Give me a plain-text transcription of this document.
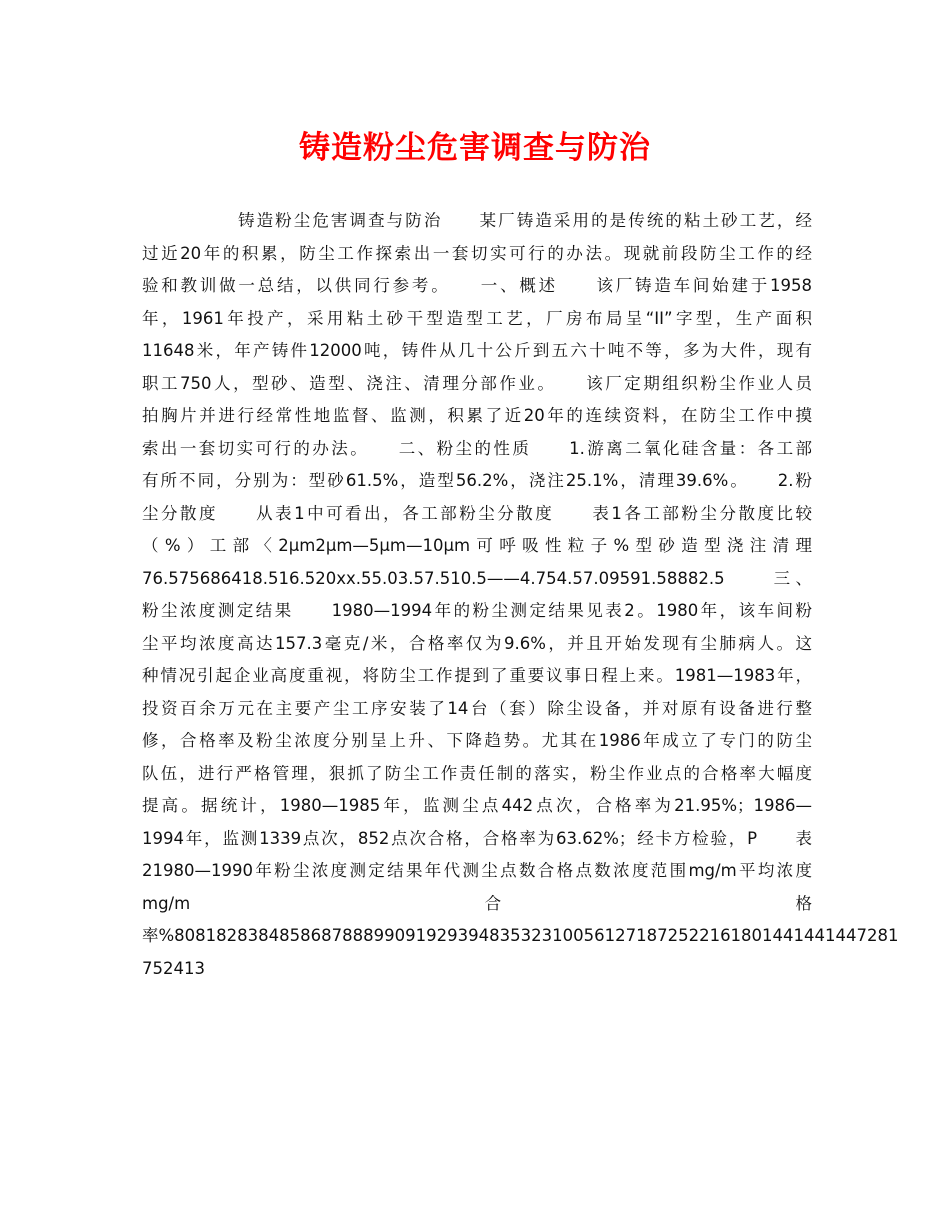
铸造粉尘危害调查与防治
铸造粉尘危害调查与防治　　某厂铸造采用的是传统的粘土砂工艺，经
过近20年的积累，防尘工作探索出一套切实可行的办法。现就前段防尘工作的经
验和教训做一总结，以供同行参考。　　一、概述　　该厂铸造车间始建于1958
年，1961年投产，采用粘土砂干型造型工艺，厂房布局呈“II”字型，生产面积
11648米，年产铸件12000吨，铸件从几十公斤到五六十吨不等，多为大件，现有
职工750人，型砂、造型、浇注、清理分部作业。　　该厂定期组织粉尘作业人员
拍胸片并进行经常性地监督、监测，积累了近20年的连续资料，在防尘工作中摸
索出一套切实可行的办法。　　二、粉尘的性质　　1.游离二氧化硅含量：各工部
有所不同，分别为：型砂61.5%，造型56.2%，浇注25.1%，清理39.6%。　　2.粉
尘分散度　　从表1中可看出，各工部粉尘分散度　　表1各工部粉尘分散度比较
（%）工部〈2μm2μm—5μm—10μm可呼吸性粒子%型砂造型浇注清理
76.575686418.516.520xx.55.03.57.510.5——4.754.57.09591.58882.5　　三、
粉尘浓度测定结果　　1980—1994年的粉尘测定结果见表2。1980年，该车间粉
尘平均浓度高达157.3毫克/米，合格率仅为9.6%，并且开始发现有尘肺病人。这
种情况引起企业高度重视，将防尘工作提到了重要议事日程上来。1981—1983年，
投资百余万元在主要产尘工序安装了14台（套）除尘设备，并对原有设备进行整
修，合格率及粉尘浓度分别呈上升、下降趋势。尤其在1986年成立了专门的防尘
队伍，进行严格管理，狠抓了防尘工作责任制的落实，粉尘作业点的合格率大幅度
提高。据统计，1980—1985年，监测尘点442点次，合格率为21.95%；1986—
1994年，监测1339点次，852点次合格，合格率为63.62%；经卡方检验，P　　表
21980—1990年粉尘浓度测定结果年代测尘点数合格点数浓度范围mg/m平均浓度
mg/m　　合　　格
率%808182838485868788899091929394835323100561271872522161801441441447281
752413
